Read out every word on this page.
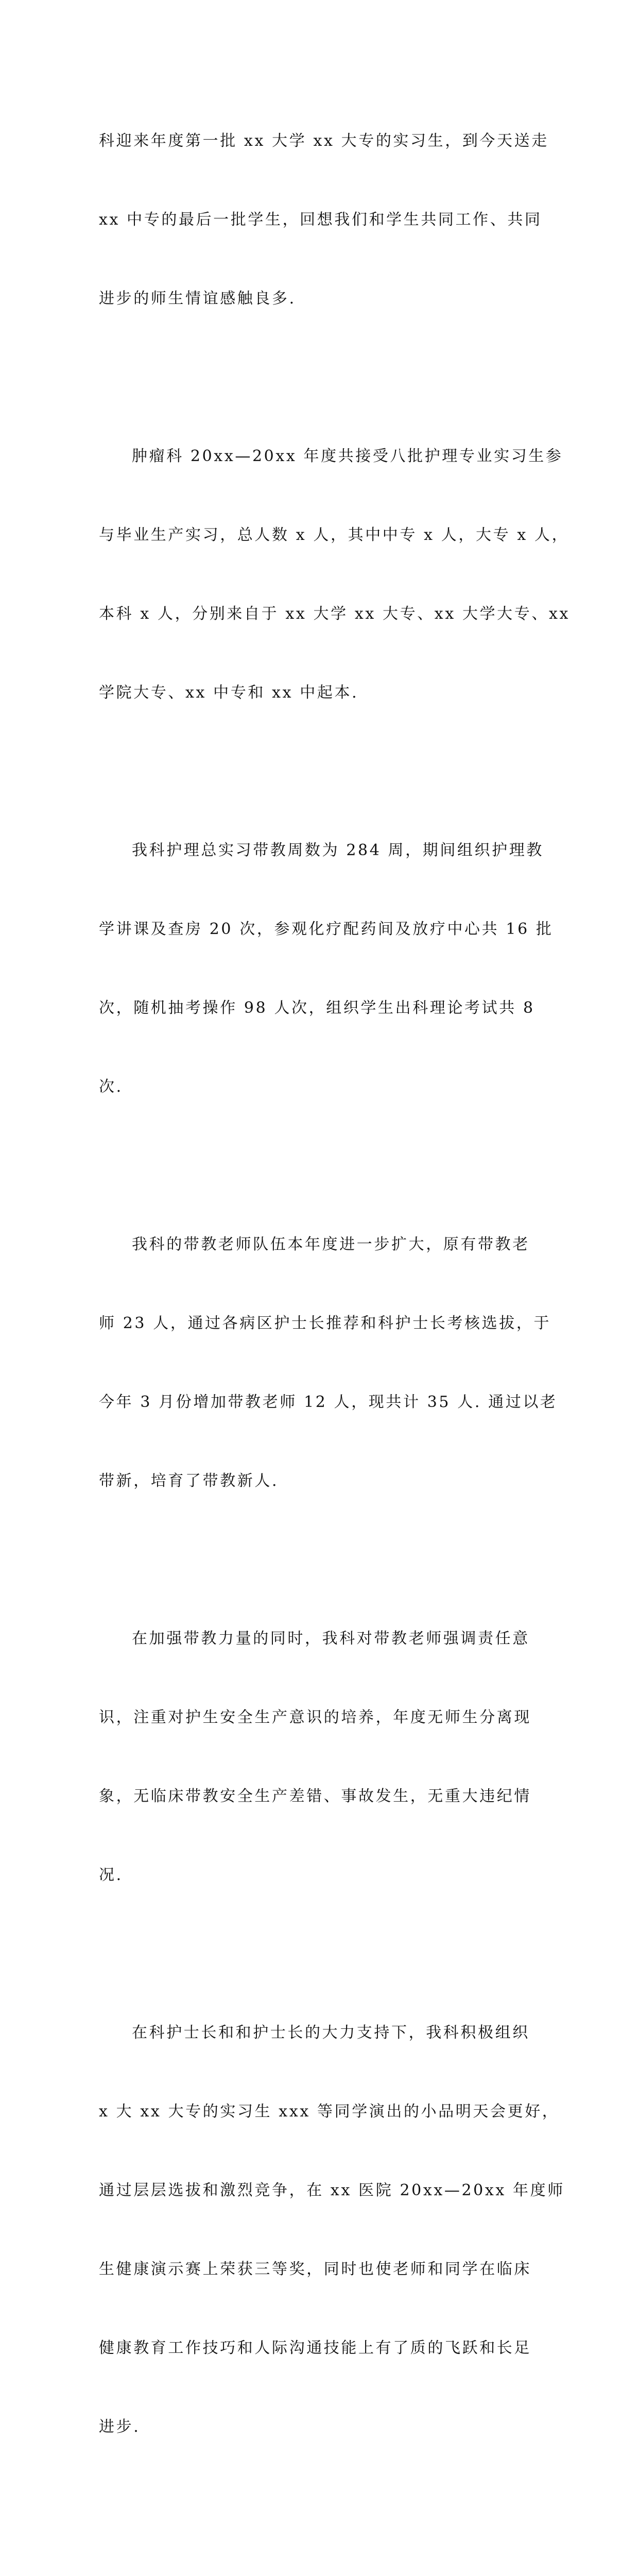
科迎来年度第一批 xx 大学 xx 大专的实习生，到今天送走

xx 中专的最后一批学生，回想我们和学生共同工作、共同

进步的师生情谊感触良多.

肿瘤科 20xx—20xx 年度共接受八批护理专业实习生参

与毕业生产实习，总人数 x 人，其中中专 x 人，大专 x 人，

本科 x 人，分别来自于 xx 大学 xx 大专、xx 大学大专、xx

学院大专、xx 中专和 xx 中起本.

我科护理总实习带教周数为 284 周，期间组织护理教

学讲课及查房 20 次，参观化疗配药间及放疗中心共 16 批

次，随机抽考操作 98 人次，组织学生出科理论考试共 8

次.

我科的带教老师队伍本年度进一步扩大，原有带教老

师 23 人，通过各病区护士长推荐和科护士长考核选拔，于

今年 3 月份增加带教老师 12 人，现共计 35 人. 通过以老

带新，培育了带教新人.

在加强带教力量的同时，我科对带教老师强调责任意

识，注重对护生安全生产意识的培养，年度无师生分离现

象，无临床带教安全生产差错、事故发生，无重大违纪情

况.

在科护士长和和护士长的大力支持下，我科积极组织

x 大 xx 大专的实习生 xxx 等同学演出的小品明天会更好，

通过层层选拔和激烈竞争，在 xx 医院 20xx—20xx 年度师

生健康演示赛上荣获三等奖，同时也使老师和同学在临床

健康教育工作技巧和人际沟通技能上有了质的飞跃和长足

进步.
